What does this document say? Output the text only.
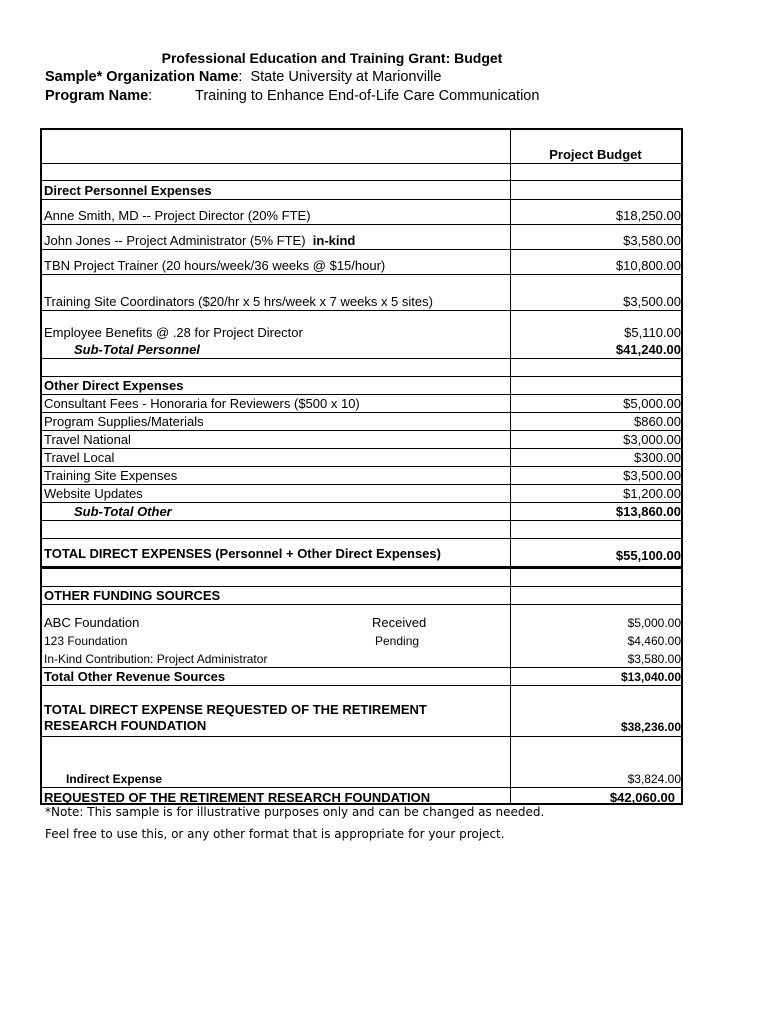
Professional Education and Training Grant: Budget
Sample* Organization Name:  State University at Marionville
Program Name:	Training to Enhance End-of-Life Care Communication
Project Budget
Direct Personnel Expenses
Anne Smith, MD -- Project Director (20% FTE)	$18,250.00
John Jones -- Project Administrator (5% FTE) in-kind	$3,580.00
TBN Project Trainer (20 hours/week/36 weeks @ $15/hour)	$10,800.00
Training Site Coordinators ($20/hr x 5 hrs/week x 7 weeks x 5 sites)	$3,500.00
Employee Benefits @ .28 for Project Director	$5,110.00
Sub-Total Personnel	$41,240.00
Other Direct Expenses
Consultant Fees - Honoraria for Reviewers ($500 x 10)	$5,000.00
Program Supplies/Materials	$860.00
Travel National	$3,000.00
Travel Local	$300.00
Training Site Expenses	$3,500.00
Website Updates	$1,200.00
Sub-Total Other	$13,860.00
TOTAL DIRECT EXPENSES (Personnel + Other Direct Expenses)	$55,100.00
OTHER FUNDING SOURCES
ABC Foundation	Received	$5,000.00
123 Foundation	Pending	$4,460.00
In-Kind Contribution: Project Administrator	$3,580.00
Total Other Revenue Sources	$13,040.00
TOTAL DIRECT EXPENSE REQUESTED OF THE RETIREMENT
RESEARCH FOUNDATION	$38,236.00
Indirect Expense	$3,824.00
REQUESTED OF THE RETIREMENT RESEARCH FOUNDATION	$42,060.00
*Note: This sample is for illustrative purposes only and can be changed as needed.
Feel free to use this, or any other format that is appropriate for your project.
